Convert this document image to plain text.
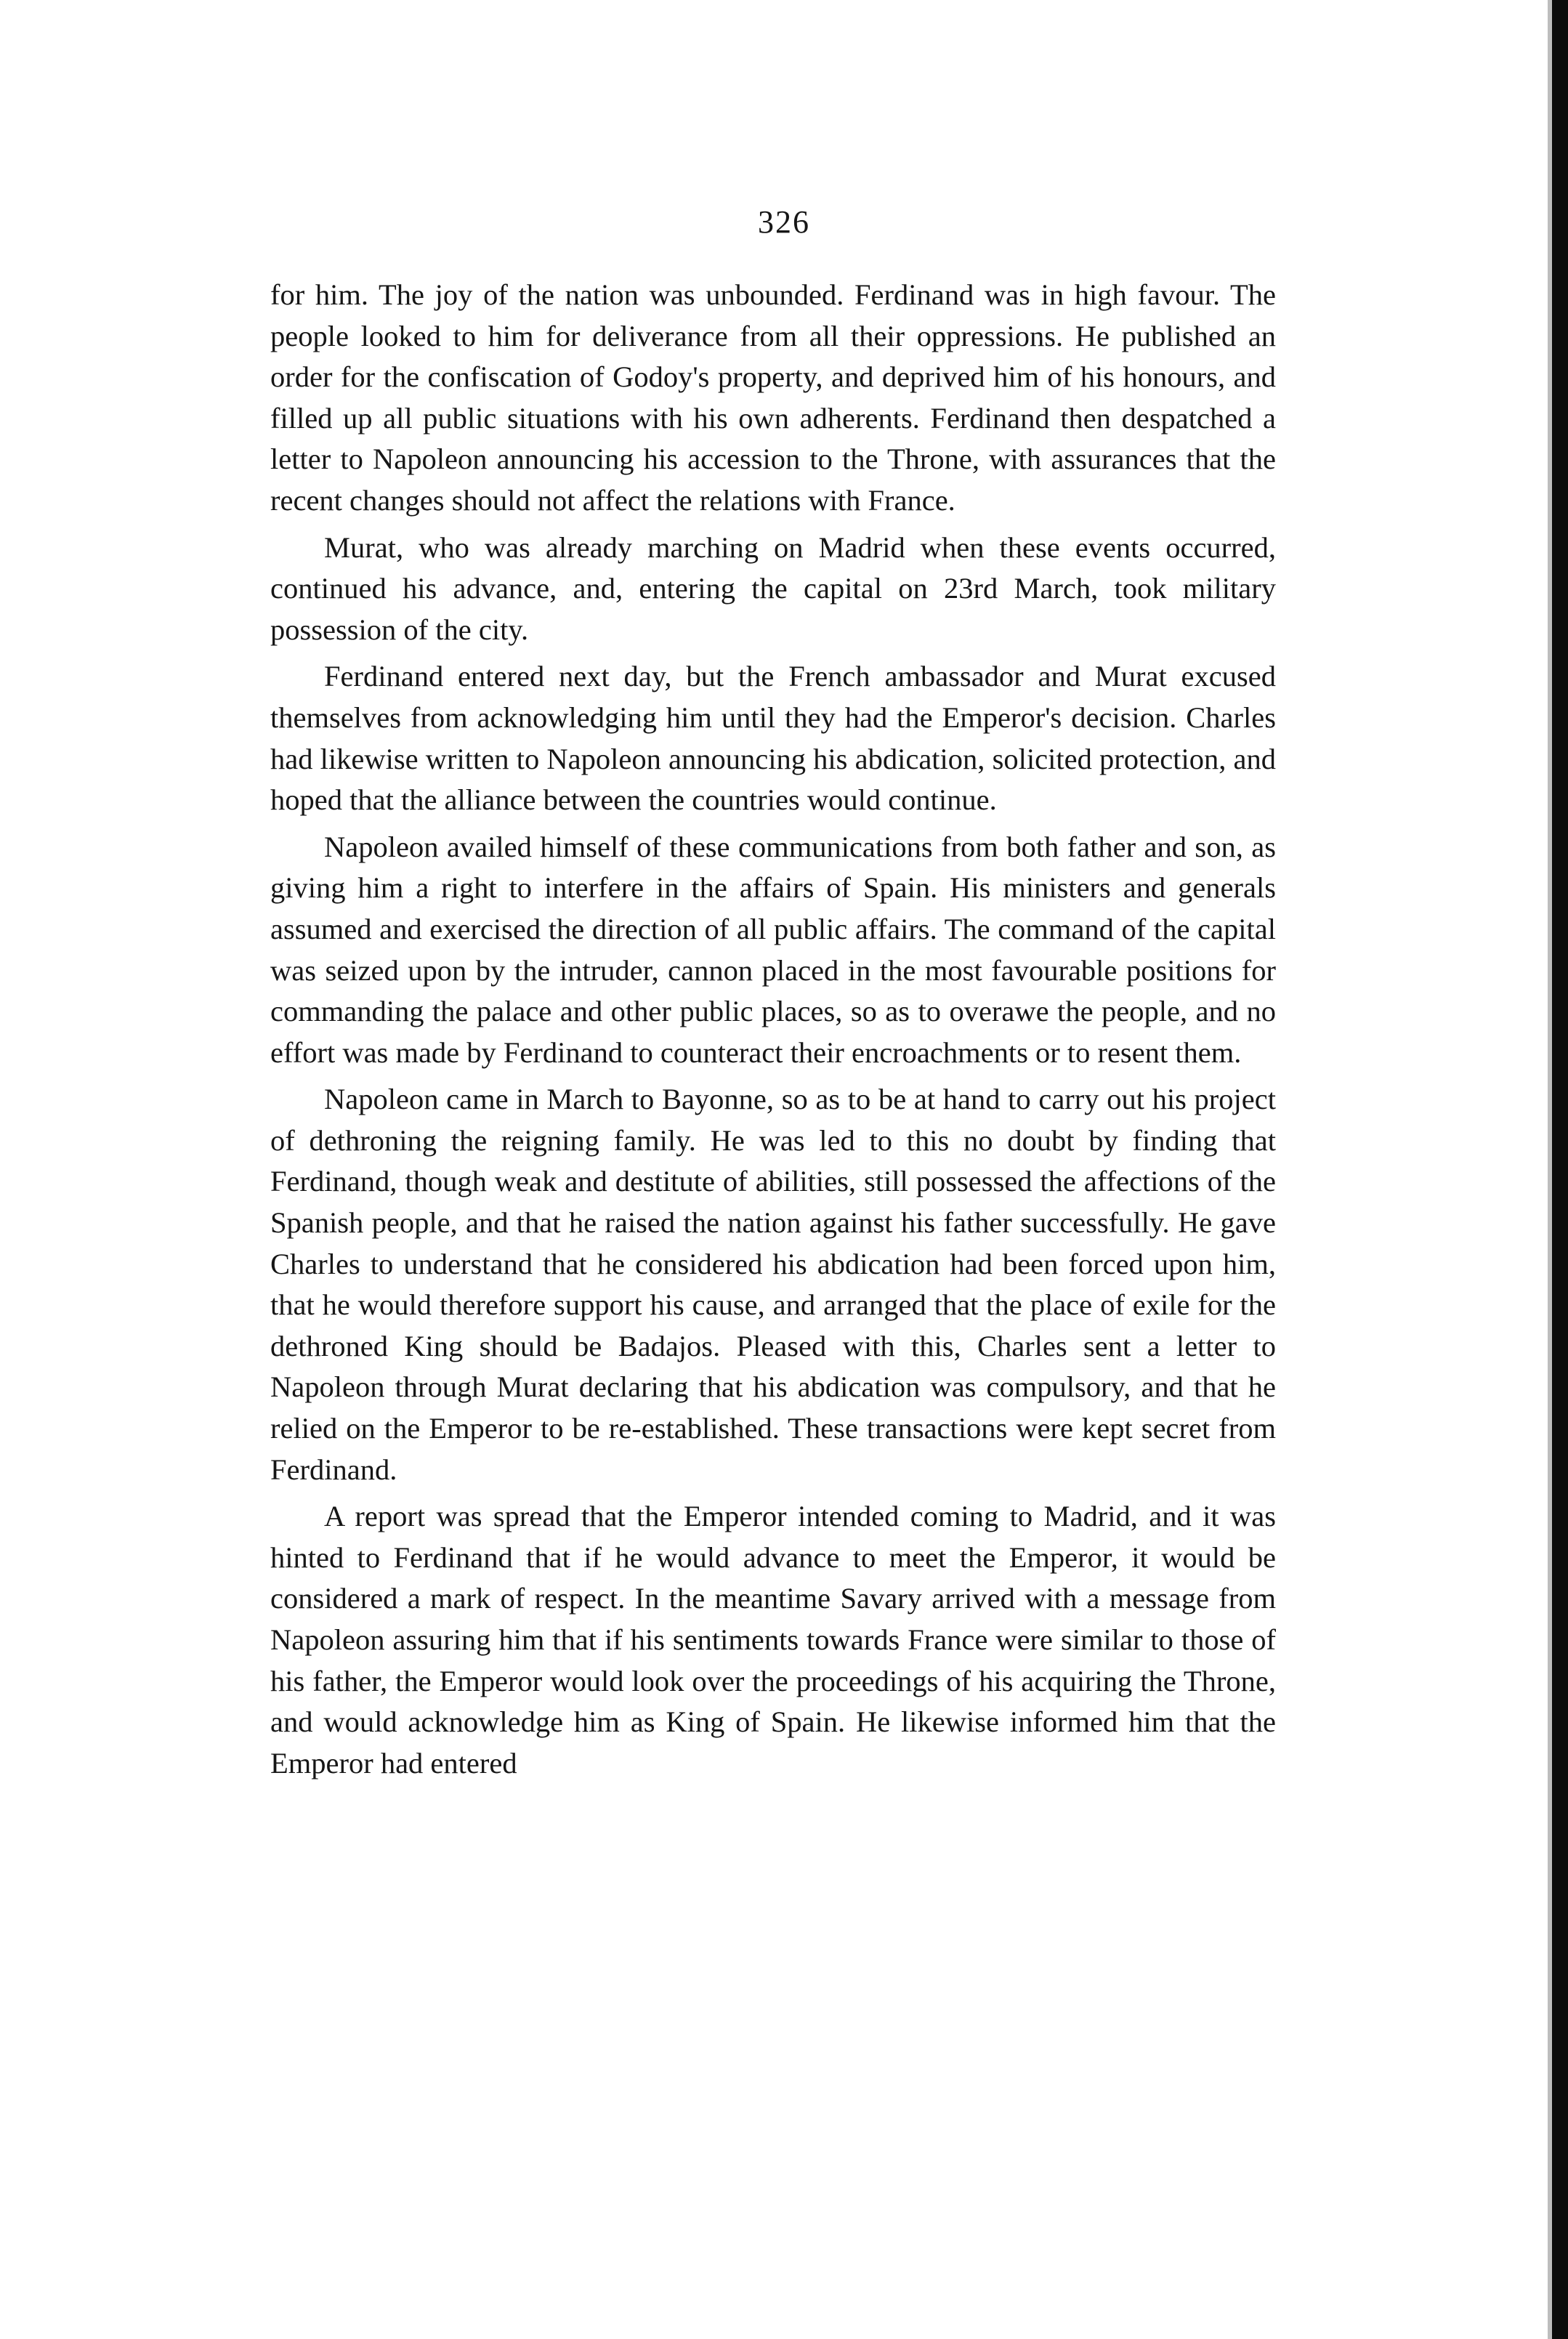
326

for him. The joy of the nation was unbounded. Ferdinand was in high favour. The people looked to him for deliverance from all their oppressions. He published an order for the confiscation of Godoy's property, and deprived him of his honours, and filled up all public situations with his own adherents. Ferdinand then despatched a letter to Napoleon announcing his accession to the Throne, with assurances that the recent changes should not affect the relations with France.

Murat, who was already marching on Madrid when these events occurred, continued his advance, and, entering the capital on 23rd March, took military possession of the city.

Ferdinand entered next day, but the French ambassador and Murat excused themselves from acknowledging him until they had the Emperor's decision. Charles had likewise written to Napoleon announcing his abdication, solicited protection, and hoped that the alliance between the countries would continue.

Napoleon availed himself of these communications from both father and son, as giving him a right to interfere in the affairs of Spain. His ministers and generals assumed and exercised the direction of all public affairs. The command of the capital was seized upon by the intruder, cannon placed in the most favourable positions for commanding the palace and other public places, so as to overawe the people, and no effort was made by Ferdinand to counteract their encroachments or to resent them.

Napoleon came in March to Bayonne, so as to be at hand to carry out his project of dethroning the reigning family. He was led to this no doubt by finding that Ferdinand, though weak and destitute of abilities, still possessed the affections of the Spanish people, and that he raised the nation against his father successfully. He gave Charles to understand that he considered his abdication had been forced upon him, that he would therefore support his cause, and arranged that the place of exile for the dethroned King should be Badajos. Pleased with this, Charles sent a letter to Napoleon through Murat declaring that his abdication was compulsory, and that he relied on the Emperor to be re-established. These transactions were kept secret from Ferdinand.

A report was spread that the Emperor intended coming to Madrid, and it was hinted to Ferdinand that if he would advance to meet the Emperor, it would be considered a mark of respect. In the meantime Savary arrived with a message from Napoleon assuring him that if his sentiments towards France were similar to those of his father, the Emperor would look over the proceedings of his acquiring the Throne, and would acknowledge him as King of Spain. He likewise informed him that the Emperor had entered
